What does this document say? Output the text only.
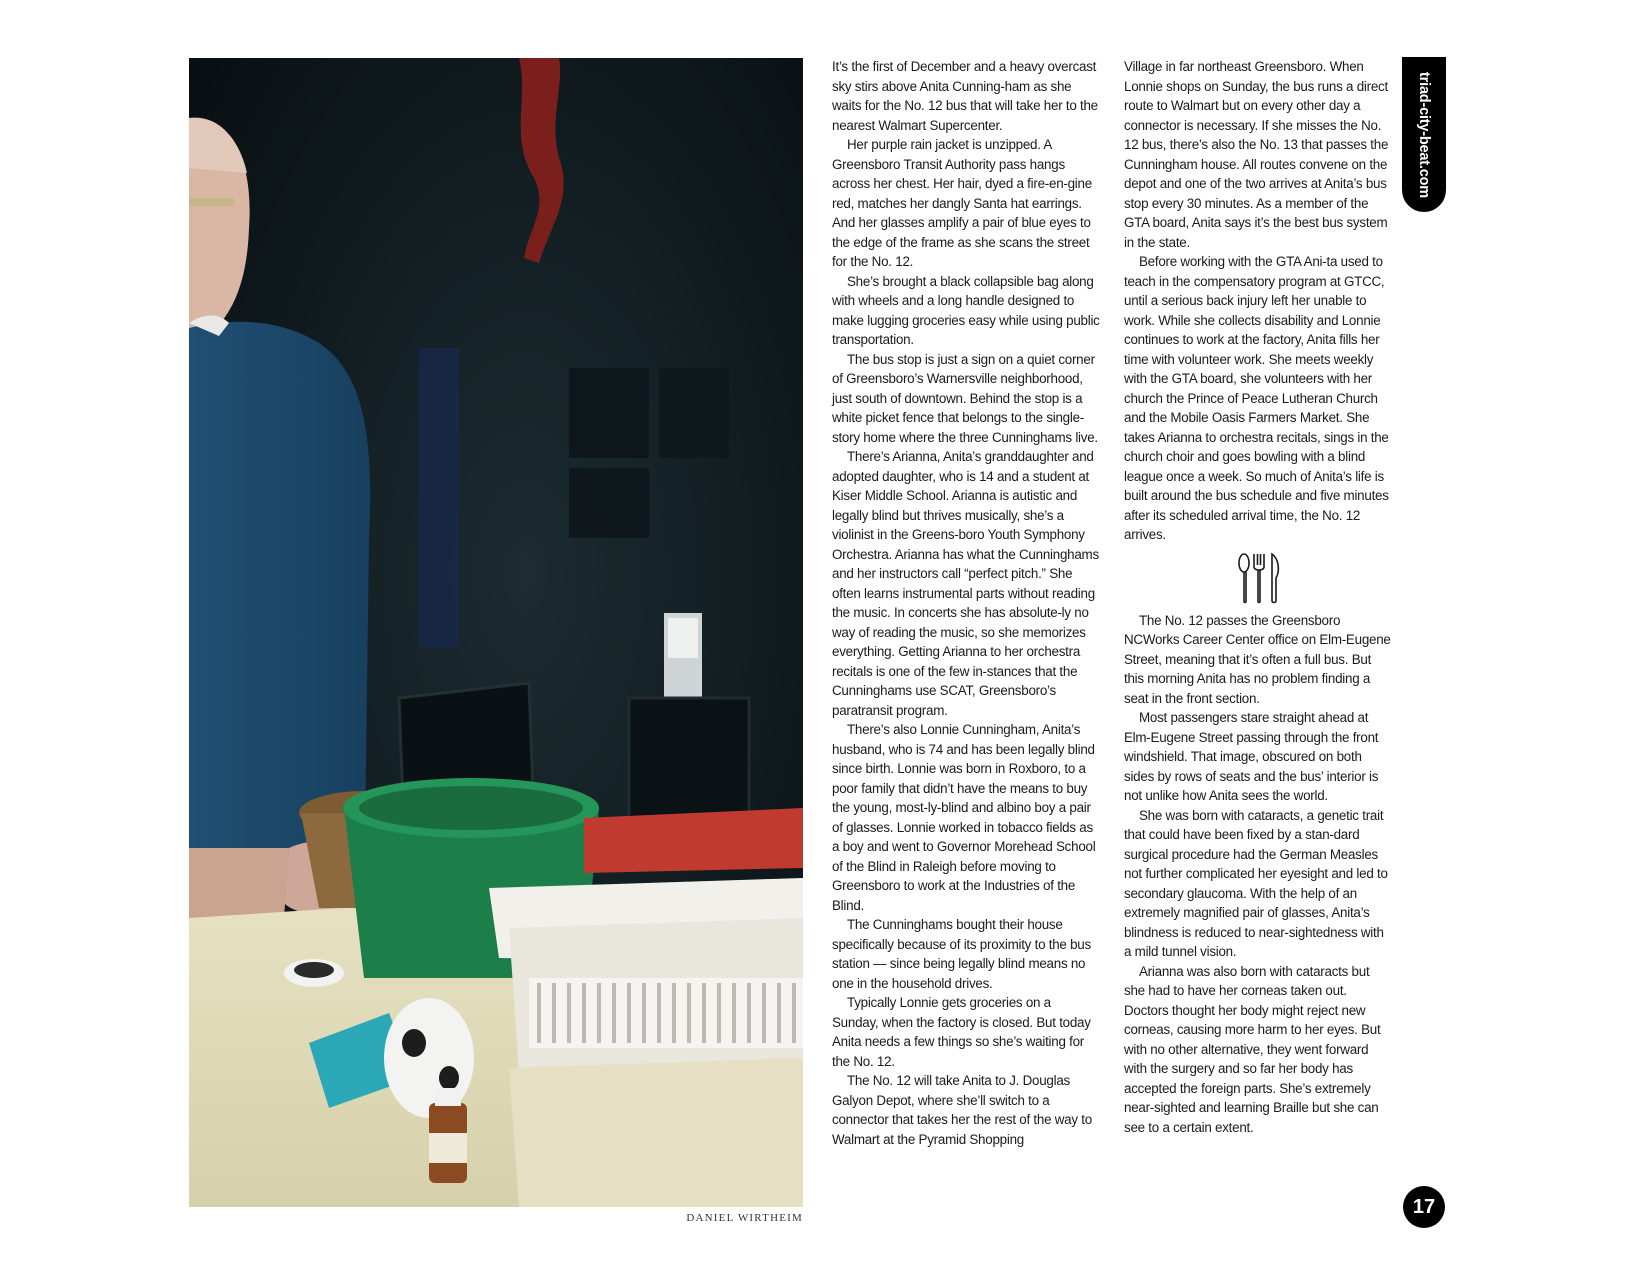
DANIEL WIRTHEIM

It’s the first of December and a heavy overcast sky stirs above Anita Cunning-ham as she waits for the No. 12 bus that will take her to the nearest Walmart Supercenter.

Her purple rain jacket is unzipped. A Greensboro Transit Authority pass hangs across her chest. Her hair, dyed a fire-en-gine red, matches her dangly Santa hat earrings. And her glasses amplify a pair of blue eyes to the edge of the frame as she scans the street for the No. 12.

She’s brought a black collapsible bag along with wheels and a long handle designed to make lugging groceries easy while using public transportation.

The bus stop is just a sign on a quiet corner of Greensboro’s Warnersville neighborhood, just south of downtown. Behind the stop is a white picket fence that belongs to the single-story home where the three Cunninghams live.

There’s Arianna, Anita’s granddaughter and adopted daughter, who is 14 and a student at Kiser Middle School. Arianna is autistic and legally blind but thrives musically, she’s a violinist in the Greens-boro Youth Symphony Orchestra. Arianna has what the Cunninghams and her instructors call “perfect pitch.” She often learns instrumental parts without reading the music. In concerts she has absolute-ly no way of reading the music, so she memorizes everything. Getting Arianna to her orchestra recitals is one of the few in-stances that the Cunninghams use SCAT, Greensboro’s paratransit program.

There’s also Lonnie Cunningham, Anita’s husband, who is 74 and has been legally blind since birth. Lonnie was born in Roxboro, to a poor family that didn’t have the means to buy the young, most-ly-blind and albino boy a pair of glasses. Lonnie worked in tobacco fields as a boy and went to Governor Morehead School of the Blind in Raleigh before moving to Greensboro to work at the Industries of the Blind.

The Cunninghams bought their house specifically because of its proximity to the bus station — since being legally blind means no one in the household drives.

Typically Lonnie gets groceries on a Sunday, when the factory is closed. But today Anita needs a few things so she’s waiting for the No. 12.

The No. 12 will take Anita to J. Douglas Galyon Depot, where she’ll switch to a connector that takes her the rest of the way to Walmart at the Pyramid Shopping

Village in far northeast Greensboro. When Lonnie shops on Sunday, the bus runs a direct route to Walmart but on every other day a connector is necessary. If she misses the No. 12 bus, there’s also the No. 13 that passes the Cunningham house. All routes convene on the depot and one of the two arrives at Anita’s bus stop every 30 minutes. As a member of the GTA board, Anita says it’s the best bus system in the state.

Before working with the GTA Ani-ta used to teach in the compensatory program at GTCC, until a serious back injury left her unable to work. While she collects disability and Lonnie continues to work at the factory, Anita fills her time with volunteer work. She meets weekly with the GTA board, she volunteers with her church the Prince of Peace Lutheran Church and the Mobile Oasis Farmers Market. She takes Arianna to orchestra recitals, sings in the church choir and goes bowling with a blind league once a week. So much of Anita’s life is built around the bus schedule and five minutes after its scheduled arrival time, the No. 12 arrives.

The No. 12 passes the Greensboro NCWorks Career Center office on Elm-Eugene Street, meaning that it’s often a full bus. But this morning Anita has no problem finding a seat in the front section.

Most passengers stare straight ahead at Elm-Eugene Street passing through the front windshield. That image, obscured on both sides by rows of seats and the bus’ interior is not unlike how Anita sees the world.

She was born with cataracts, a genetic trait that could have been fixed by a stan-dard surgical procedure had the German Measles not further complicated her eyesight and led to secondary glaucoma. With the help of an extremely magnified pair of glasses, Anita’s blindness is reduced to near-sightedness with a mild tunnel vision.

Arianna was also born with cataracts but she had to have her corneas taken out. Doctors thought her body might reject new corneas, causing more harm to her eyes. But with no other alternative, they went forward with the surgery and so far her body has accepted the foreign parts. She’s extremely near-sighted and learning Braille but she can see to a certain extent.

triad-city-beat.com
17
